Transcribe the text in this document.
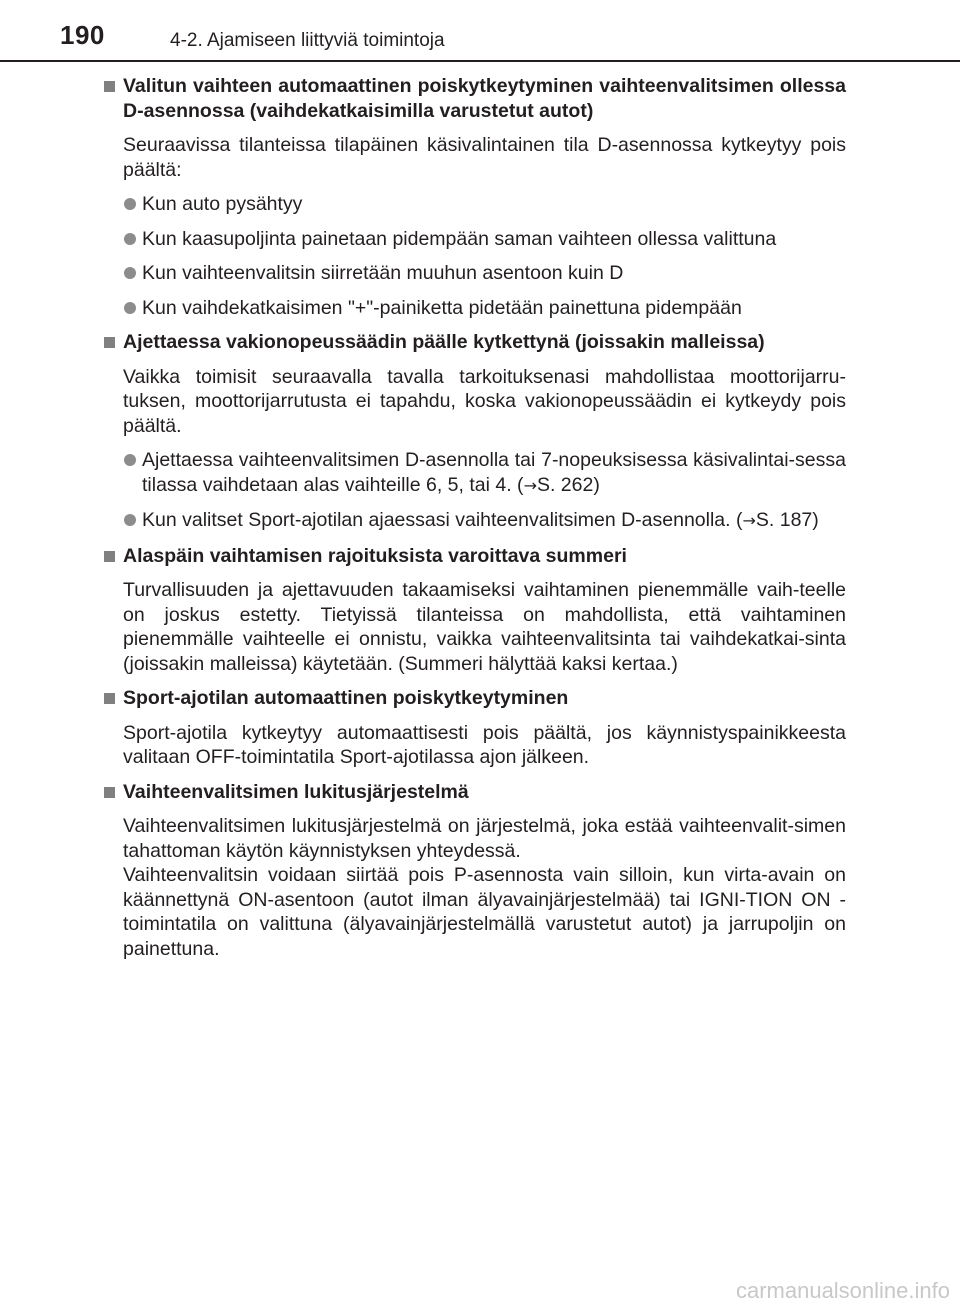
190	4-2. Ajamiseen liittyviä toimintoja
Valitun vaihteen automaattinen poiskytkeytyminen vaihteenvalitsimen ollessa D-asennossa (vaihdekatkaisimilla varustetut autot)
Seuraavissa tilanteissa tilapäinen käsivalintainen tila D-asennossa kytkeytyy pois päältä:
Kun auto pysähtyy
Kun kaasupoljinta painetaan pidempään saman vaihteen ollessa valittuna
Kun vaihteenvalitsin siirretään muuhun asentoon kuin D
Kun vaihdekatkaisimen "+"-painiketta pidetään painettuna pidempään
Ajettaessa vakionopeussäädin päälle kytkettynä (joissakin malleissa)
Vaikka toimisit seuraavalla tavalla tarkoituksenasi mahdollistaa moottorijarru-tuksen, moottorijarrutusta ei tapahdu, koska vakionopeussäädin ei kytkeydy pois päältä.
Ajettaessa vaihteenvalitsimen D-asennolla tai 7-nopeuksisessa käsivalintai-sessa tilassa vaihdetaan alas vaihteille 6, 5, tai 4. (→S. 262)
Kun valitset Sport-ajotilan ajaessasi vaihteenvalitsimen D-asennolla. (→S. 187)
Alaspäin vaihtamisen rajoituksista varoittava summeri
Turvallisuuden ja ajettavuuden takaamiseksi vaihtaminen pienemmälle vaih-teelle on joskus estetty. Tietyissä tilanteissa on mahdollista, että vaihtaminen pienemmälle vaihteelle ei onnistu, vaikka vaihteenvalitsinta tai vaihdekatkai-sinta (joissakin malleissa) käytetään. (Summeri hälyttää kaksi kertaa.)
Sport-ajotilan automaattinen poiskytkeytyminen
Sport-ajotila kytkeytyy automaattisesti pois päältä, jos käynnistyspainikkeesta valitaan OFF-toimintatila Sport-ajotilassa ajon jälkeen.
Vaihteenvalitsimen lukitusjärjestelmä
Vaihteenvalitsimen lukitusjärjestelmä on järjestelmä, joka estää vaihteenvalit-simen tahattoman käytön käynnistyksen yhteydessä.
Vaihteenvalitsin voidaan siirtää pois P-asennosta vain silloin, kun virta-avain on käännettynä ON-asentoon (autot ilman älyavainjärjestelmää) tai IGNI-TION ON -toimintatila on valittuna (älyavainjärjestelmällä varustetut autot) ja jarrupoljin on painettuna.
carmanualsonline.info
